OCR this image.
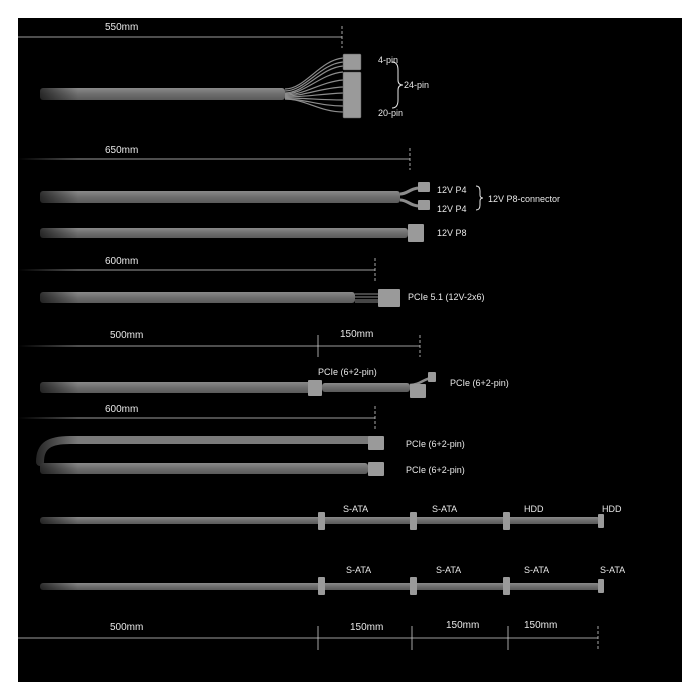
550mm
4-pin
20-pin
24-pin
650mm
12V P4
12V P4
12V P8-connector
12V P8
600mm
PCIe 5.1 (12V-2x6)
500mm	150mm
PCIe (6+2-pin)
PCIe (6+2-pin)
600mm
PCIe (6+2-pin)
PCIe (6+2-pin)
S-ATA	S-ATA	HDD	HDD
S-ATA	S-ATA	S-ATA	S-ATA
500mm	150mm	150mm	150mm
